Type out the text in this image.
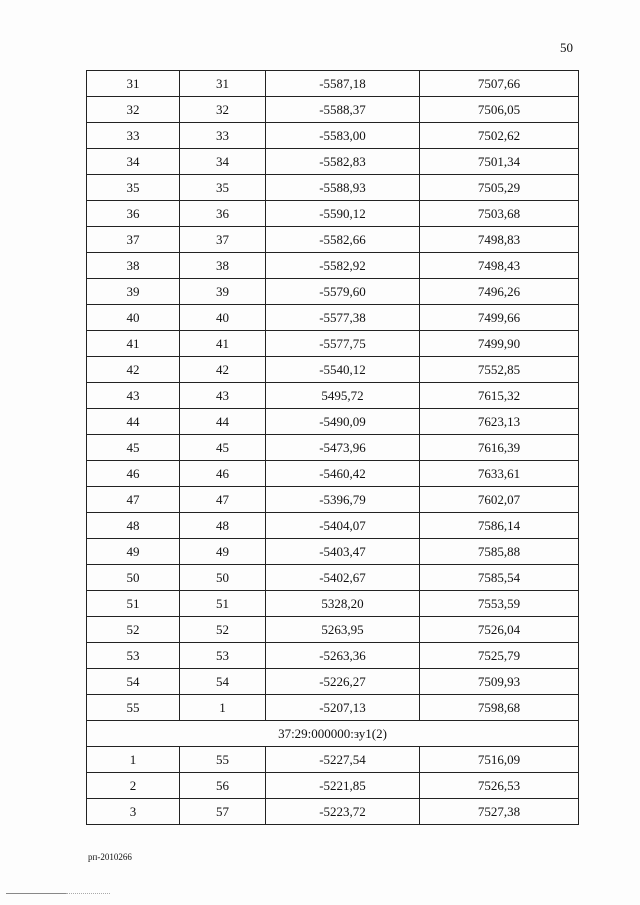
50
31	31	-5587,18	7507,66
32	32	-5588,37	7506,05
33	33	-5583,00	7502,62
34	34	-5582,83	7501,34
35	35	-5588,93	7505,29
36	36	-5590,12	7503,68
37	37	-5582,66	7498,83
38	38	-5582,92	7498,43
39	39	-5579,60	7496,26
40	40	-5577,38	7499,66
41	41	-5577,75	7499,90
42	42	-5540,12	7552,85
43	43	5495,72	7615,32
44	44	-5490,09	7623,13
45	45	-5473,96	7616,39
46	46	-5460,42	7633,61
47	47	-5396,79	7602,07
48	48	-5404,07	7586,14
49	49	-5403,47	7585,88
50	50	-5402,67	7585,54
51	51	5328,20	7553,59
52	52	5263,95	7526,04
53	53	-5263,36	7525,79
54	54	-5226,27	7509,93
55	1	-5207,13	7598,68
37:29:000000:зу1(2)			
1	55	-5227,54	7516,09
2	56	-5221,85	7526,53
3	57	-5223,72	7527,38
рп-2010266
